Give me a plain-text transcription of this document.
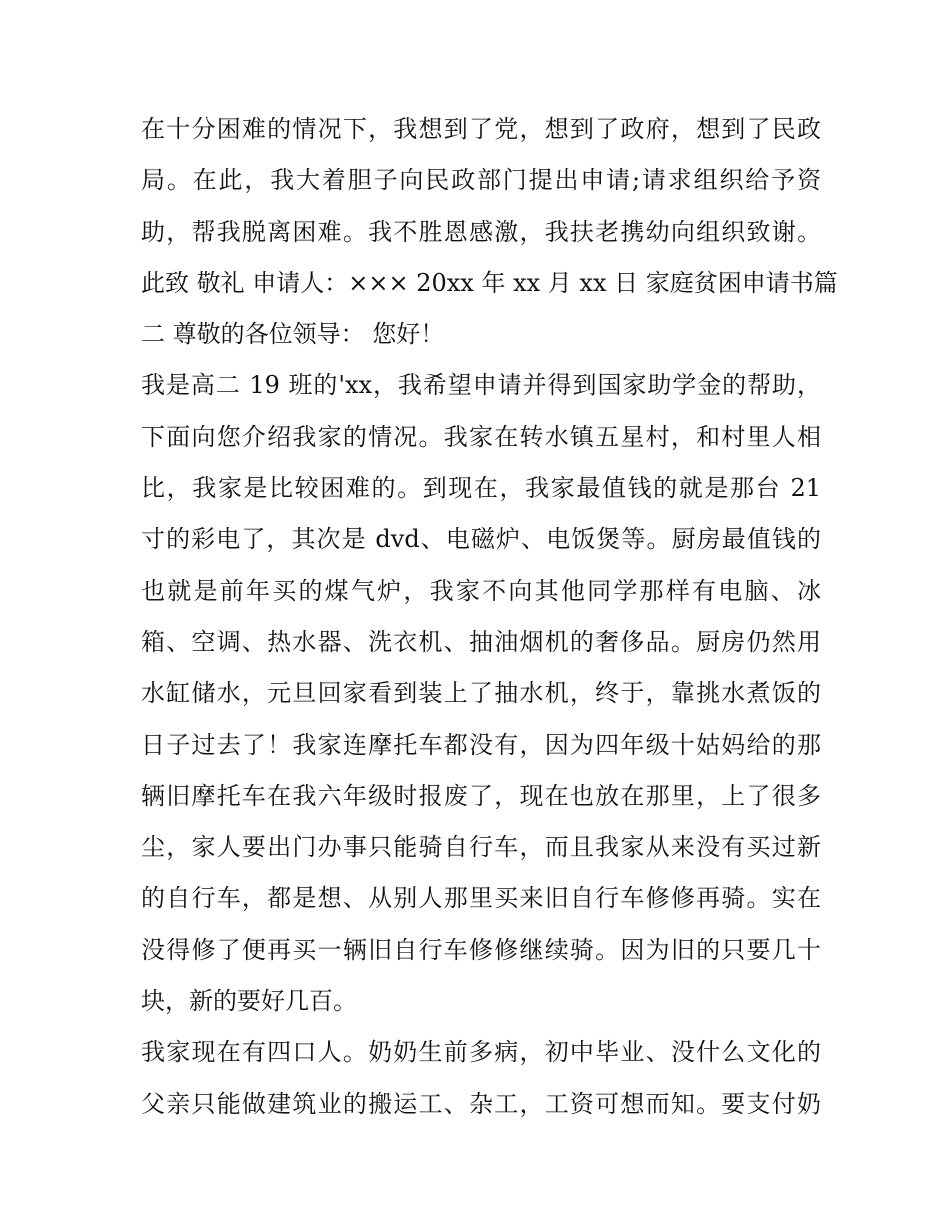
在十分困难的情况下，我想到了党，想到了政府，想到了民政
局。在此，我大着胆子向民政部门提出申请;请求组织给予资
助，帮我脱离困难。我不胜恩感激，我扶老携幼向组织致谢。
此致 敬礼 申请人：××× 20xx 年 xx 月 xx 日 家庭贫困申请书篇
二 尊敬的各位领导： 您好！
我是高二 19 班的'xx，我希望申请并得到国家助学金的帮助，
下面向您介绍我家的情况。我家在转水镇五星村，和村里人相
比，我家是比较困难的。到现在，我家最值钱的就是那台 21
寸的彩电了，其次是 dvd、电磁炉、电饭煲等。厨房最值钱的
也就是前年买的煤气炉，我家不向其他同学那样有电脑、冰
箱、空调、热水器、洗衣机、抽油烟机的奢侈品。厨房仍然用
水缸储水，元旦回家看到装上了抽水机，终于，靠挑水煮饭的
日子过去了！我家连摩托车都没有，因为四年级十姑妈给的那
辆旧摩托车在我六年级时报废了，现在也放在那里，上了很多
尘，家人要出门办事只能骑自行车，而且我家从来没有买过新
的自行车，都是想、从别人那里买来旧自行车修修再骑。实在
没得修了便再买一辆旧自行车修修继续骑。因为旧的只要几十
块，新的要好几百。
我家现在有四口人。奶奶生前多病，初中毕业、没什么文化的
父亲只能做建筑业的搬运工、杂工，工资可想而知。要支付奶
